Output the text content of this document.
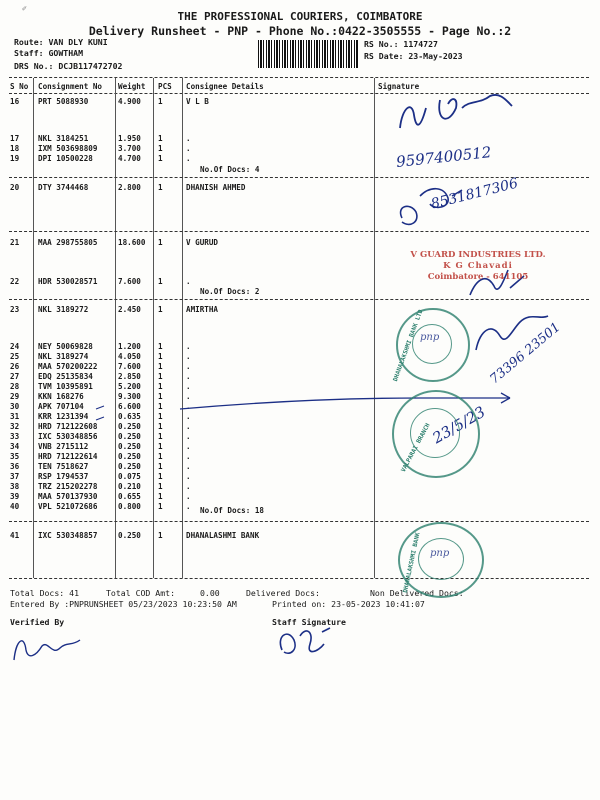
✐
THE PROFESSIONAL COURIERS, COIMBATORE
Delivery Runsheet - PNP - Phone No.:0422-3505555 - Page No.:2
Route: VAN DLY KUNI
Staff: GOWTHAM
DRS No.: DCJB117472702
RS No.: 1174727
RS Date: 23-May-2023
S No Consignment No Weight PCS Consignee Details	Signature
16 PRT 5088930	4.900 1	V L B
17 NKL 3184251	1.950 1	.
18 IXM 503698809	3.700 1	.
19 DPI 10500228	4.700 1	.
No.Of Docs: 4
20 DTY 3744468	2.800 1	DHANISH AHMED
21 MAA 298755805	18.600 1	V GURUD
22 HDR 530028571	7.600 1	.
No.Of Docs: 2
23 NKL 3189272	2.450 1	AMIRTHA
24 NEY 50069828	1.200 1	.
25 NKL 3189274	4.050 1	.
26 MAA 570200222	7.600 1	.
27 EDQ 25135834	2.850 1	.
28 TVM 10395891	5.200 1	.
29 KKN 168276	9.300 1	.
30 APK 707104	6.600 1	.
31 KRR 1231394	0.635 1	.
32 HRD 712122608	0.250 1	.
33 IXC 530348856	0.250 1	.
34 VNB 2715112	0.250 1	.
35 HRD 712122614	0.250 1	.
36 TEN 7518627	0.250 1	.
37 RSP 1794537	0.075 1	.
38 TRZ 215202278	0.210 1	.
39 MAA 570137930	0.655 1	.
40 VPL 521072686	0.800 1	. No.Of Docs: 18
41 IXC 530348857	0.250 1	DHANALASHMI BANK
Total Docs: 41	Total COD Amt:	0.00	Delivered Docs:	Non Delivered Docs:
Entered By :PNPRUNSHEET 05/23/2023 10:23:50 AM	Printed on: 23-05-2023 10:41:07
Verified By	Staff Signature
9597400512
8531817306
73396 23501
23/5/23
V GUARD INDUSTRIES LTD.
K G Chavadi
Coimbatore - 641105
pnp
DHANALAKSHMI BANK LTD
VALPARAI BRANCH
pnp
DHANALAKSHMI BANK
